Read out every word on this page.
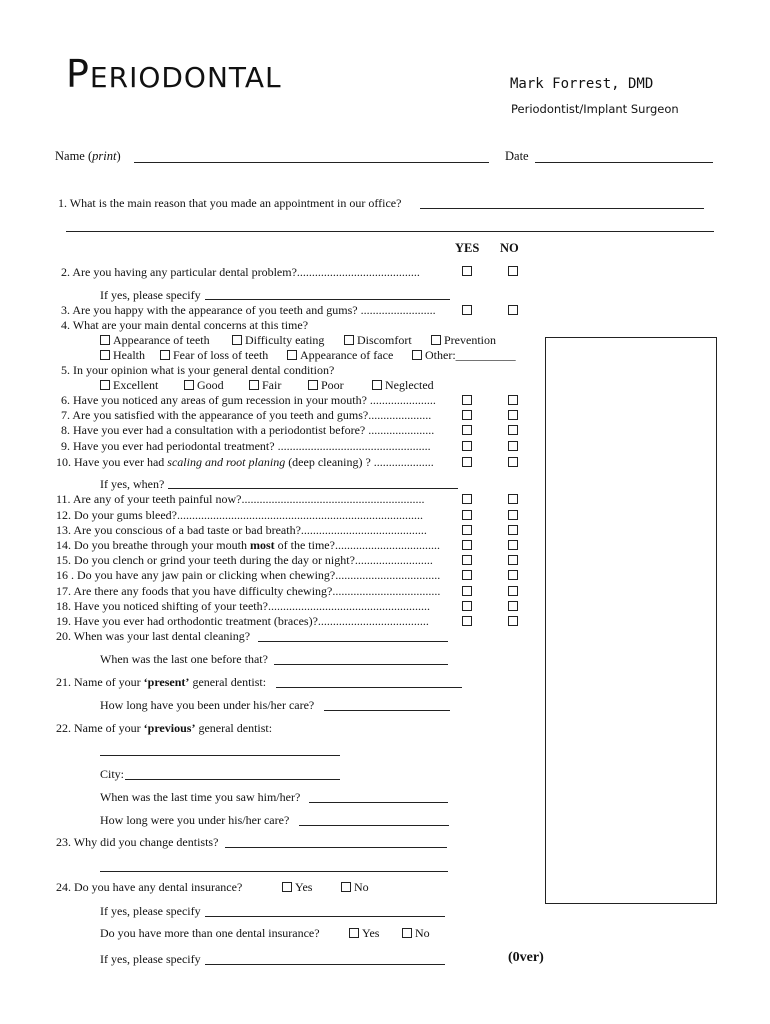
PERIODONTAL	Mark Forrest, DMD
Periodontist/Implant Surgeon
Name (print)	Date
1. What is the main reason that you made an appointment in our office?
YES NO
2. Are you having any particular dental problem?.........................................
If yes, please specify
3. Are you happy with the appearance of you teeth and gums? .........................
4. What are your main dental concerns at this time?
Appearance of teeth	Difficulty eating	Discomfort	Prevention
Health	Fear of loss of teeth	Appearance of face	Other:__________
5. In your opinion what is your general dental condition?
Excellent	Good	Fair	Poor	Neglected
6. Have you noticed any areas of gum recession in your mouth? ......................
7. Are you satisfied with the appearance of you teeth and gums?.....................
8. Have you ever had a consultation with a periodontist before? ......................
9. Have you ever had periodontal treatment? ...................................................
10. Have you ever had scaling and root planing (deep cleaning) ? ....................
If yes, when?
11. Are any of your teeth painful now?.............................................................
12. Do your gums bleed?..................................................................................
13. Are you conscious of a bad taste or bad breath?..........................................
14. Do you breathe through your mouth most of the time?...................................
15. Do you clench or grind your teeth during the day or night?..........................
16 . Do you have any jaw pain or clicking when chewing?...................................
17. Are there any foods that you have difficulty chewing?....................................
18. Have you noticed shifting of your teeth?......................................................
19. Have you ever had orthodontic treatment (braces)?.....................................
20. When was your last dental cleaning?
When was the last one before that?
21. Name of your ‘present’ general dentist:
How long have you been under his/her care?
22. Name of your ‘previous’ general dentist:
City:
When was the last time you saw him/her?
How long were you under his/her care?
23. Why did you change dentists?
24. Do you have any dental insurance?	Yes	No
If yes, please specify
Do you have more than one dental insurance?	Yes	No
If yes, please specify	(0ver)
